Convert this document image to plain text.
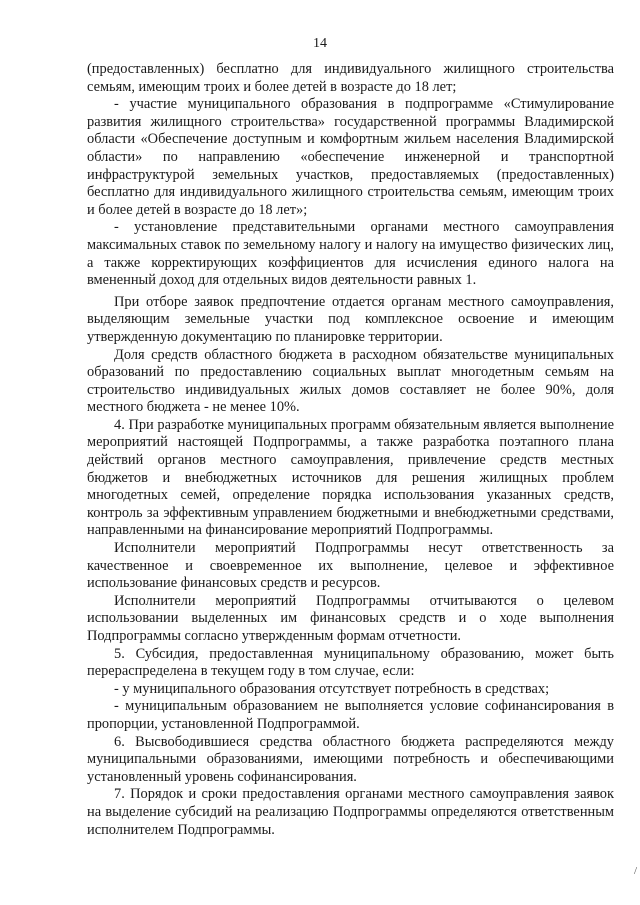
14

(предоставленных) бесплатно для индивидуального жилищного строительства семьям, имеющим троих и более детей в возрасте до 18 лет;

- участие муниципального образования в подпрограмме «Стимулирование развития жилищного строительства» государственной программы Владимирской области «Обеспечение доступным и комфортным жильем населения Владимирской области» по направлению «обеспечение инженерной и транспортной инфраструктурой земельных участков, предоставляемых (предоставленных) бесплатно для индивидуального жилищного строительства семьям, имеющим троих и более детей в возрасте до 18 лет»;

- установление представительными органами местного самоуправления максимальных ставок по земельному налогу и налогу на имущество физических лиц, а также корректирующих коэффициентов для исчисления единого налога на вмененный доход для отдельных видов деятельности равных 1.

При отборе заявок предпочтение отдается органам местного самоуправления, выделяющим земельные участки под комплексное освоение и имеющим утвержденную документацию по планировке территории.

Доля средств областного бюджета в расходном обязательстве муниципальных образований по предоставлению социальных выплат многодетным семьям на строительство индивидуальных жилых домов составляет не более 90%, доля местного бюджета - не менее 10%.

4. При разработке муниципальных программ обязательным является выполнение мероприятий настоящей Подпрограммы, а также разработка поэтапного плана действий органов местного самоуправления, привлечение средств местных бюджетов и внебюджетных источников для решения жилищных проблем многодетных семей, определение порядка использования указанных средств, контроль за эффективным управлением бюджетными и внебюджетными средствами, направленными на финансирование мероприятий Подпрограммы.

Исполнители мероприятий Подпрограммы несут ответственность за качественное и своевременное их выполнение, целевое и эффективное использование финансовых средств и ресурсов.

Исполнители мероприятий Подпрограммы отчитываются о целевом использовании выделенных им финансовых средств и о ходе выполнения Подпрограммы согласно утвержденным формам отчетности.

5. Субсидия, предоставленная муниципальному образованию, может быть перераспределена в текущем году в том случае, если:

- у муниципального образования отсутствует потребность в средствах;

- муниципальным образованием не выполняется условие софинансирования в пропорции, установленной Подпрограммой.

6. Высвободившиеся средства областного бюджета распределяются между муниципальными образованиями, имеющими потребность и обеспечивающими установленный уровень софинансирования.

7. Порядок и сроки предоставления органами местного самоуправления заявок на выделение субсидий на реализацию Подпрограммы определяются ответственным исполнителем Подпрограммы.

/
